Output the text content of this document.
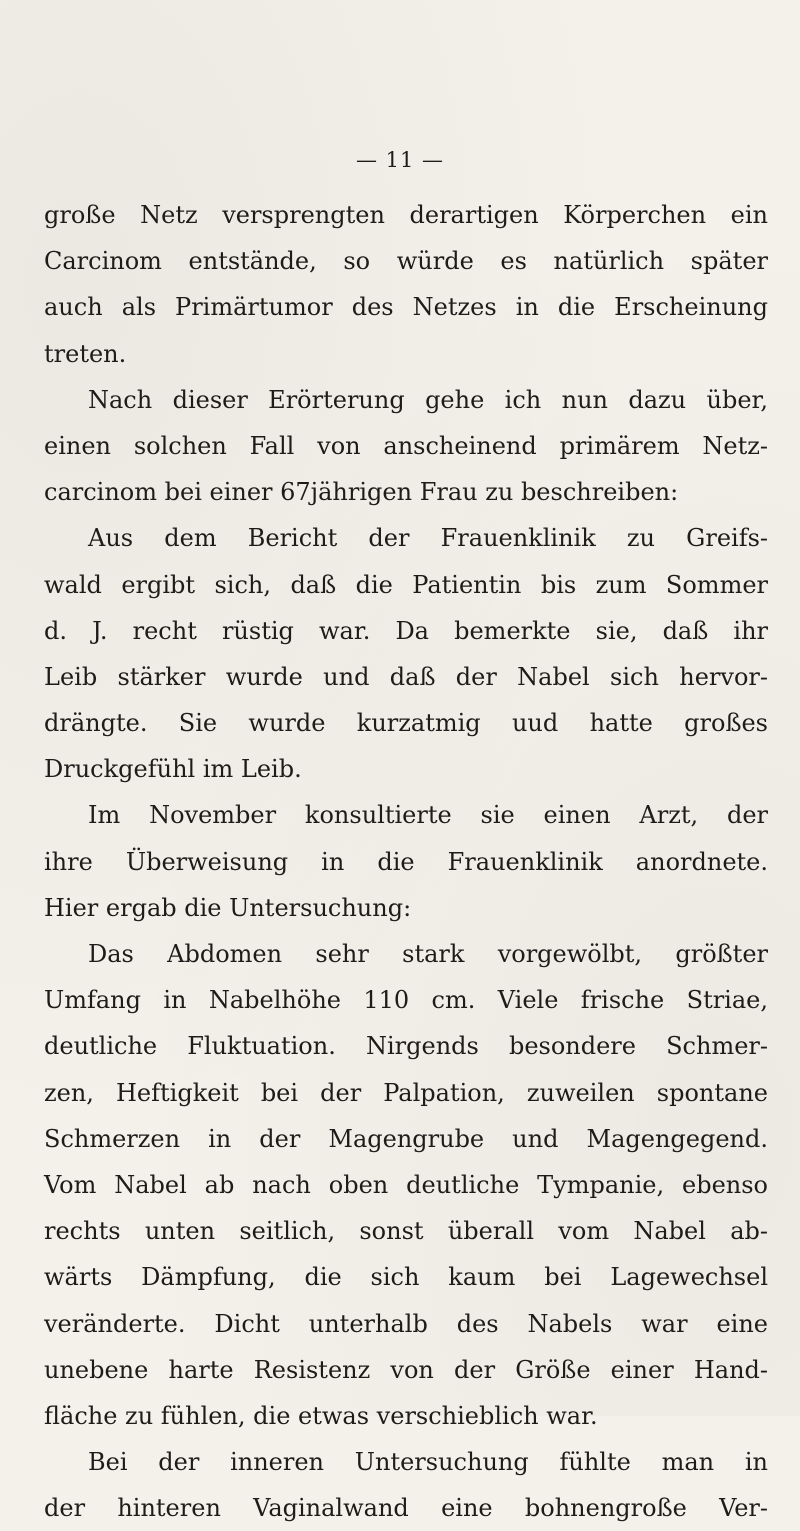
— 11 —
große Netz versprengten derartigen Körperchen ein
Carcinom entstände, so würde es natürlich später
auch als Primärtumor des Netzes in die Erscheinung
treten.
Nach dieser Erörterung gehe ich nun dazu über,
einen solchen Fall von anscheinend primärem Netz-
carcinom bei einer 67jährigen Frau zu beschreiben:
Aus dem Bericht der Frauenklinik zu Greifs-
wald ergibt sich, daß die Patientin bis zum Sommer
d. J. recht rüstig war. Da bemerkte sie, daß ihr
Leib stärker wurde und daß der Nabel sich hervor-
drängte. Sie wurde kurzatmig uud hatte großes
Druckgefühl im Leib.
Im November konsultierte sie einen Arzt, der
ihre Überweisung in die Frauenklinik anordnete.
Hier ergab die Untersuchung:
Das Abdomen sehr stark vorgewölbt, größter
Umfang in Nabelhöhe 110 cm. Viele frische Striae,
deutliche Fluktuation. Nirgends besondere Schmer-
zen, Heftigkeit bei der Palpation, zuweilen spontane
Schmerzen in der Magengrube und Magengegend.
Vom Nabel ab nach oben deutliche Tympanie, ebenso
rechts unten seitlich, sonst überall vom Nabel ab-
wärts Dämpfung, die sich kaum bei Lagewechsel
veränderte. Dicht unterhalb des Nabels war eine
unebene harte Resistenz von der Größe einer Hand-
fläche zu fühlen, die etwas verschieblich war.
Bei der inneren Untersuchung fühlte man in
der hinteren Vaginalwand eine bohnengroße Ver-
